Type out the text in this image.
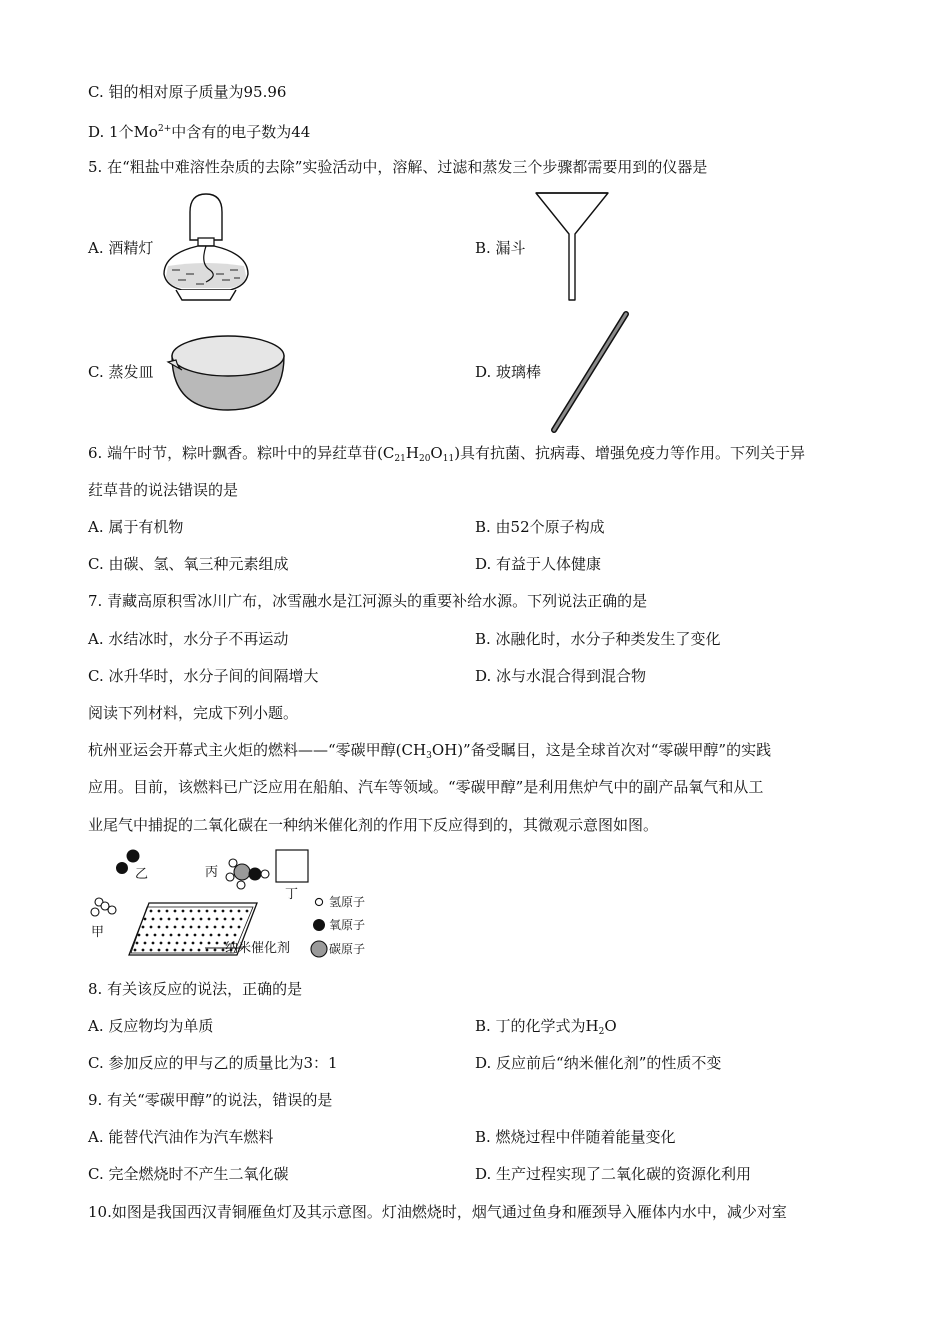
C. 钼的相对原子质量为95.96
D. 1个$Mo^{2+}$中含有的电子数为44
5. 在“粗盐中难溶性杂质的去除”实验活动中，溶解、过滤和蒸发三个步骤都需要用到的仪器是
A. 酒精灯	B. 漏斗
C. 蒸发皿	D. 玻璃棒
6. 端午时节，粽叶飘香。粽叶中的异荭草苷$(C_{21}H_{20}O_{11})$具有抗菌、抗病毒、增强免疫力等作用。下列关于异
荭草昔的说法错误的是
A. 属于有机物	B. 由52个原子构成
C. 由碳、氢、氧三种元素组成	D. 有益于人体健康
7. 青藏高原积雪冰川广布，冰雪融水是江河源头的重要补给水源。下列说法正确的是
A. 水结冰时，水分子不再运动	B. 冰融化时，水分子种类发生了变化
C. 冰升华时，水分子间的间隔增大	D. 冰与水混合得到混合物
阅读下列材料，完成下列小题。
杭州亚运会开幕式主火炬的燃料——“零碳甲醇$(CH_3OH)$”备受瞩目，这是全球首次对“零碳甲醇”的实践
应用。目前，该燃料已广泛应用在船舶、汽车等领域。“零碳甲醇”是利用焦炉气中的副产品氧气和从工
业尾气中捕捉的二氧化碳在一种纳米催化剂的作用下反应得到的，其微观示意图如图。
纳米催化剂
乙
甲
丙
丁	氢原子
氧原子
碳原子
8. 有关该反应的说法，正确的是
A. 反应物均为单质	B. 丁的化学式为$H_2O$
C. 参加反应的甲与乙的质量比为3：1	D. 反应前后“纳米催化剂”的性质不变
9. 有关“零碳甲醇”的说法，错误的是
A. 能替代汽油作为汽车燃料	B. 燃烧过程中伴随着能量变化
C. 完全燃烧时不产生二氧化碳	D. 生产过程实现了二氧化碳的资源化利用
10.如图是我国西汉青铜雁鱼灯及其示意图。灯油燃烧时，烟气通过鱼身和雁颈导入雁体内水中，减少对室
